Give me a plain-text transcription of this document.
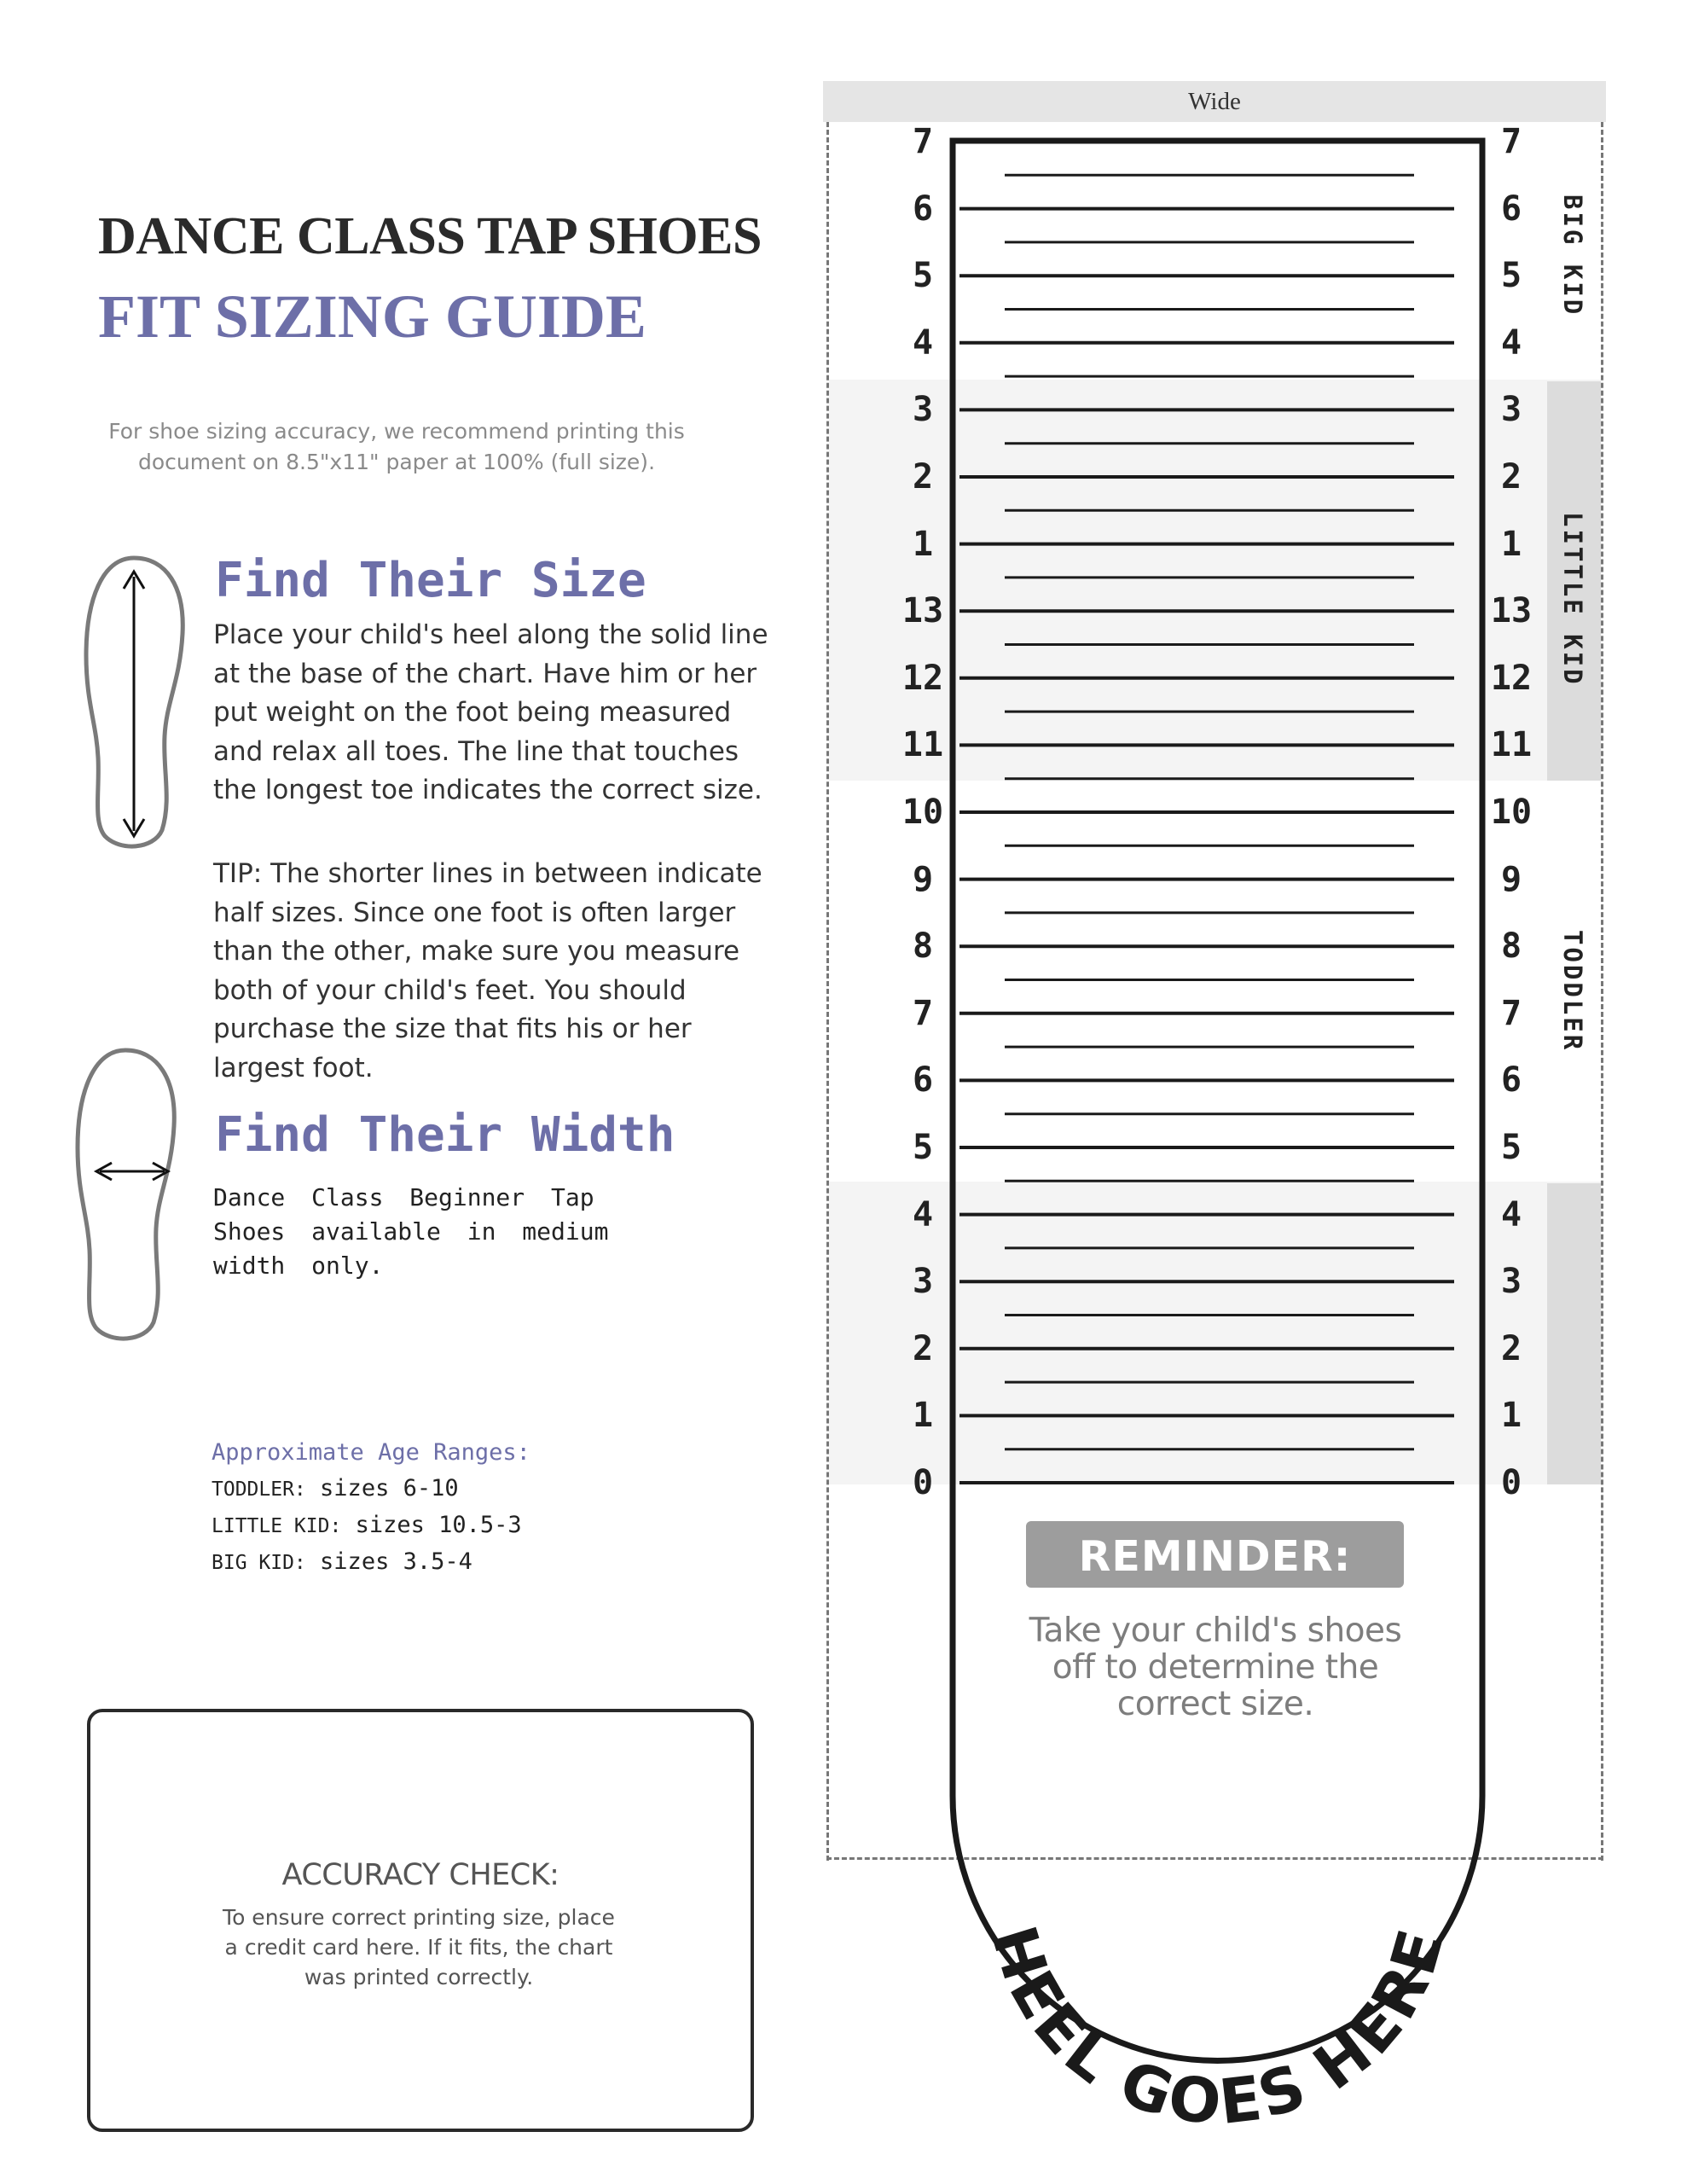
DANCE CLASS TAP SHOES
FIT SIZING GUIDE
For shoe sizing accuracy, we recommend printing this document on 8.5"x11" paper at 100% (full size).
Find Their Size
Place your child's heel along the solid line at the base of the chart. Have him or her put weight on the foot being measured and relax all toes. The line that touches the longest toe indicates the correct size.
TIP: The shorter lines in between indicate half sizes. Since one foot is often larger than the other, make sure you measure both of your child's feet. You should purchase the size that fits his or her largest foot.
Find Their Width
Dance Class Beginner Tap Shoes available in medium width only.
Approximate Age Ranges:
TODDLER: sizes 6-10
LITTLE KID: sizes 10.5-3
BIG KID: sizes 3.5-4
ACCURACY CHECK:
To ensure correct printing size, place a credit card here. If it fits, the chart was printed correctly.
Wide
BIG KID
LITTLE KID
TODDLER
HEEL GOES HERE
7	7
6	6
5	5
4	4
3	3
2	2
1	1
13	13
12	12
11	11
10	10
9	9
8	8
7	7
6	6
5	5
4	4
3	3
2	2
1	1
0	0
REMINDER:
Take your child's shoes off to determine the correct size.
